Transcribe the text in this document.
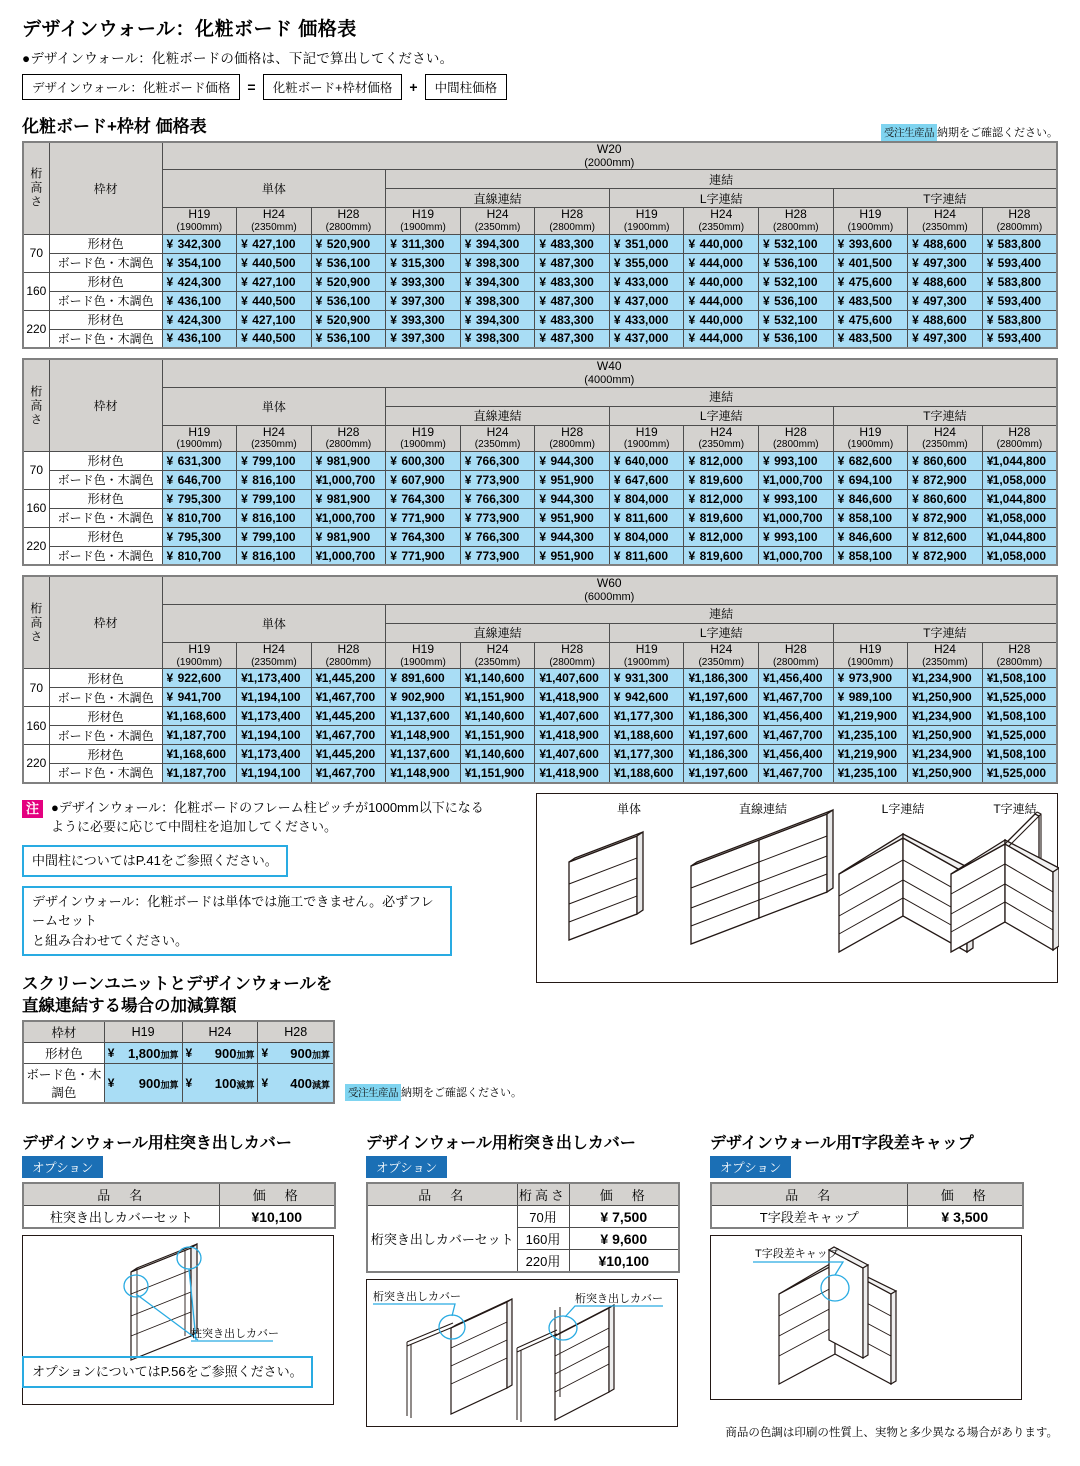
デザインウォール：化粧ボード 価格表

●デザインウォール：化粧ボードの価格は、下記で算出してください。

デザインウォール：化粧ボード価格	=	化粧ボード+枠材価格	+	中間柱価格
化粧ボード+枠材 価格表	受注生産品 納期をご確認ください。
桁高さ	枠材	W20
(2000mm)											

		単体			連結								
					直線連結			L字連結			T字連結		
		H19
(1900mm)	H24
(2350mm)	H28
(2800mm)	H19
(1900mm)	H24
(2350mm)	H28
(2800mm)	H19
(1900mm)	H24
(2350mm)	H28
(2800mm)	H19
(1900mm)	H24
(2350mm)	H28
(2800mm)

70	形材色	¥ 342,300	¥ 427,100	¥ 520,900	¥ 311,300	¥ 394,300	¥ 483,300	¥ 351,000	¥ 440,000	¥ 532,100	¥ 393,600	¥ 488,600	¥ 583,800
	ボード色・木調色	¥ 354,100	¥ 440,500	¥ 536,100	¥ 315,300	¥ 398,300	¥ 487,300	¥ 355,000	¥ 444,000	¥ 536,100	¥ 401,500	¥ 497,300	¥ 593,400
160	形材色	¥ 424,300	¥ 427,100	¥ 520,900	¥ 393,300	¥ 394,300	¥ 483,300	¥ 433,000	¥ 440,000	¥ 532,100	¥ 475,600	¥ 488,600	¥ 583,800
	ボード色・木調色	¥ 436,100	¥ 440,500	¥ 536,100	¥ 397,300	¥ 398,300	¥ 487,300	¥ 437,000	¥ 444,000	¥ 536,100	¥ 483,500	¥ 497,300	¥ 593,400
220	形材色	¥ 424,300	¥ 427,100	¥ 520,900	¥ 393,300	¥ 394,300	¥ 483,300	¥ 433,000	¥ 440,000	¥ 532,100	¥ 475,600	¥ 488,600	¥ 583,800
	ボード色・木調色	¥ 436,100	¥ 440,500	¥ 536,100	¥ 397,300	¥ 398,300	¥ 487,300	¥ 437,000	¥ 444,000	¥ 536,100	¥ 483,500	¥ 497,300	¥ 593,400
桁高さ	枠材	W40
(4000mm)											

		単体			連結								
					直線連結			L字連結			T字連結		
		H19
(1900mm)	H24
(2350mm)	H28
(2800mm)	H19
(1900mm)	H24
(2350mm)	H28
(2800mm)	H19
(1900mm)	H24
(2350mm)	H28
(2800mm)	H19
(1900mm)	H24
(2350mm)	H28
(2800mm)

70	形材色	¥ 631,300	¥ 799,100	¥ 981,900	¥ 600,300	¥ 766,300	¥ 944,300	¥ 640,000	¥ 812,000	¥ 993,100	¥ 682,600	¥ 860,600	¥ 1,044,800
	ボード色・木調色	¥ 646,700	¥ 816,100	¥ 1,000,700	¥ 607,900	¥ 773,900	¥ 951,900	¥ 647,600	¥ 819,600	¥ 1,000,700	¥ 694,100	¥ 872,900	¥ 1,058,000
160	形材色	¥ 795,300	¥ 799,100	¥ 981,900	¥ 764,300	¥ 766,300	¥ 944,300	¥ 804,000	¥ 812,000	¥ 993,100	¥ 846,600	¥ 860,600	¥ 1,044,800
	ボード色・木調色	¥ 810,700	¥ 816,100	¥ 1,000,700	¥ 771,900	¥ 773,900	¥ 951,900	¥ 811,600	¥ 819,600	¥ 1,000,700	¥ 858,100	¥ 872,900	¥ 1,058,000
220	形材色	¥ 795,300	¥ 799,100	¥ 981,900	¥ 764,300	¥ 766,300	¥ 944,300	¥ 804,000	¥ 812,000	¥ 993,100	¥ 846,600	¥ 812,600	¥ 1,044,800
	ボード色・木調色	¥ 810,700	¥ 816,100	¥ 1,000,700	¥ 771,900	¥ 773,900	¥ 951,900	¥ 811,600	¥ 819,600	¥ 1,000,700	¥ 858,100	¥ 872,900	¥ 1,058,000
桁高さ	枠材	W60
(6000mm)											

		単体			連結								
					直線連結			L字連結			T字連結		
		H19
(1900mm)	H24
(2350mm)	H28
(2800mm)	H19
(1900mm)	H24
(2350mm)	H28
(2800mm)	H19
(1900mm)	H24
(2350mm)	H28
(2800mm)	H19
(1900mm)	H24
(2350mm)	H28
(2800mm)

70	形材色	¥ 922,600	¥ 1,173,400	¥ 1,445,200	¥ 891,600	¥ 1,140,600	¥ 1,407,600	¥ 931,300	¥ 1,186,300	¥ 1,456,400	¥ 973,900	¥ 1,234,900	¥ 1,508,100
	ボード色・木調色	¥ 941,700	¥ 1,194,100	¥ 1,467,700	¥ 902,900	¥ 1,151,900	¥ 1,418,900	¥ 942,600	¥ 1,197,600	¥ 1,467,700	¥ 989,100	¥ 1,250,900	¥ 1,525,000
160	形材色	¥ 1,168,600	¥ 1,173,400	¥ 1,445,200	¥ 1,137,600	¥ 1,140,600	¥ 1,407,600	¥ 1,177,300	¥ 1,186,300	¥ 1,456,400	¥ 1,219,900	¥ 1,234,900	¥ 1,508,100
	ボード色・木調色	¥ 1,187,700	¥ 1,194,100	¥ 1,467,700	¥ 1,148,900	¥ 1,151,900	¥ 1,418,900	¥ 1,188,600	¥ 1,197,600	¥ 1,467,700	¥ 1,235,100	¥ 1,250,900	¥ 1,525,000
220	形材色	¥ 1,168,600	¥ 1,173,400	¥ 1,445,200	¥ 1,137,600	¥ 1,140,600	¥ 1,407,600	¥ 1,177,300	¥ 1,186,300	¥ 1,456,400	¥ 1,219,900	¥ 1,234,900	¥ 1,508,100
	ボード色・木調色	¥ 1,187,700	¥ 1,194,100	¥ 1,467,700	¥ 1,148,900	¥ 1,151,900	¥ 1,418,900	¥ 1,188,600	¥ 1,197,600	¥ 1,467,700	¥ 1,235,100	¥ 1,250,900	¥ 1,525,000
注 ●デザインウォール：化粧ボードのフレーム柱ピッチが1000mm以下になる
ように必要に応じて中間柱を追加してください。
中間柱についてはP.41をご参照ください。 デザインウォール：化粧ボードは単体では施工できません。必ずフレームセット
と組み合わせてください。
スクリーンユニットとデザインウォールを
直線連結する場合の加減算額
枠材	H19	H24	H28
形材色	¥ 1,800加算	¥ 900加算	¥ 900加算
ボード色・木調色	¥ 900加算	¥ 100減算	¥ 400減算
受注生産品 納期をご確認ください。
単体	直線連結	L字連結	T字連結
デザインウォール用柱突き出しカバー
オプション
品　名	価　格
柱突き出しカバーセット	¥10,100
柱突き出しカバー
デザインウォール用桁突き出しカバー
オプション
品　名	桁高さ	価　格
桁突き出しカバーセット	70用	¥ 7,500
	160用	¥ 9,600
	220用	¥10,100
桁突き出しカバー	桁突き出しカバー
デザインウォール用T字段差キャップ
オプション
品　名	価　格
T字段差キャップ	¥ 3,500
T字段差キャップ
オプションについてはP.56をご参照ください。
商品の色調は印刷の性質上、実物と多少異なる場合があります。
